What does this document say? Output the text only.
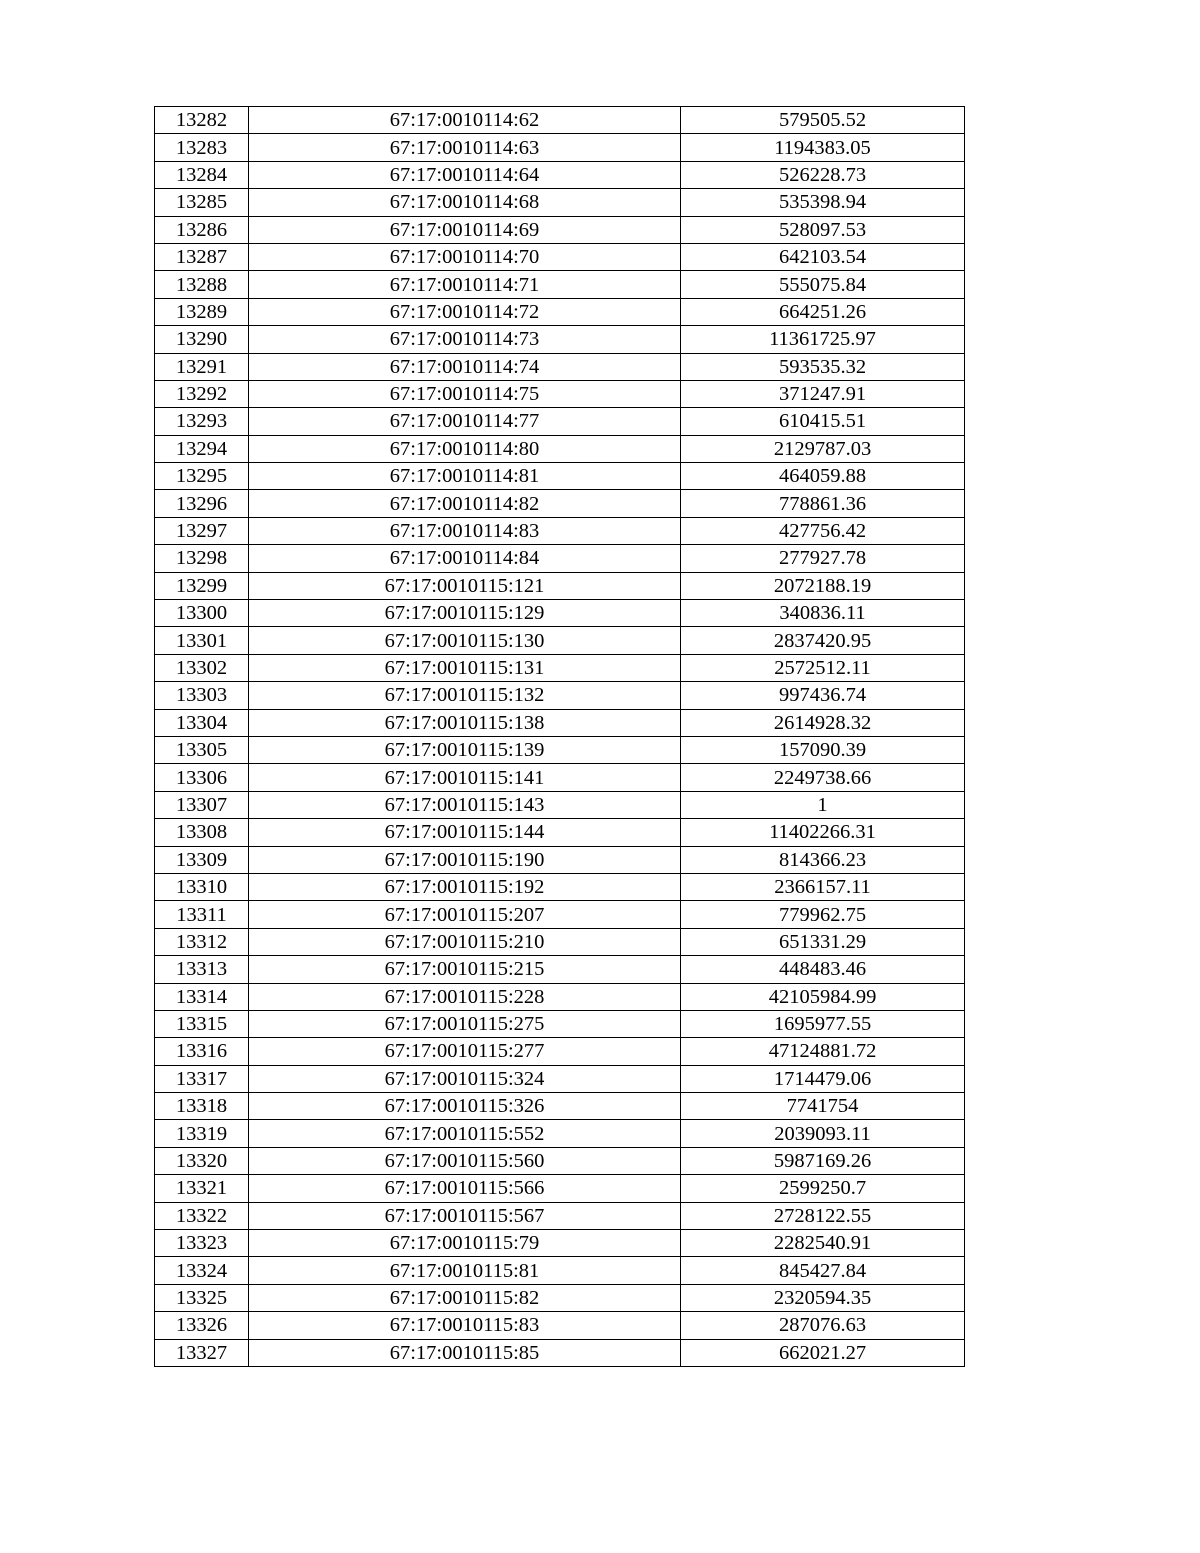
13282	67:17:0010114:62	579505.52
13283	67:17:0010114:63	1194383.05
13284	67:17:0010114:64	526228.73
13285	67:17:0010114:68	535398.94
13286	67:17:0010114:69	528097.53
13287	67:17:0010114:70	642103.54
13288	67:17:0010114:71	555075.84
13289	67:17:0010114:72	664251.26
13290	67:17:0010114:73	11361725.97
13291	67:17:0010114:74	593535.32
13292	67:17:0010114:75	371247.91
13293	67:17:0010114:77	610415.51
13294	67:17:0010114:80	2129787.03
13295	67:17:0010114:81	464059.88
13296	67:17:0010114:82	778861.36
13297	67:17:0010114:83	427756.42
13298	67:17:0010114:84	277927.78
13299	67:17:0010115:121	2072188.19
13300	67:17:0010115:129	340836.11
13301	67:17:0010115:130	2837420.95
13302	67:17:0010115:131	2572512.11
13303	67:17:0010115:132	997436.74
13304	67:17:0010115:138	2614928.32
13305	67:17:0010115:139	157090.39
13306	67:17:0010115:141	2249738.66
13307	67:17:0010115:143	1
13308	67:17:0010115:144	11402266.31
13309	67:17:0010115:190	814366.23
13310	67:17:0010115:192	2366157.11
13311	67:17:0010115:207	779962.75
13312	67:17:0010115:210	651331.29
13313	67:17:0010115:215	448483.46
13314	67:17:0010115:228	42105984.99
13315	67:17:0010115:275	1695977.55
13316	67:17:0010115:277	47124881.72
13317	67:17:0010115:324	1714479.06
13318	67:17:0010115:326	7741754
13319	67:17:0010115:552	2039093.11
13320	67:17:0010115:560	5987169.26
13321	67:17:0010115:566	2599250.7
13322	67:17:0010115:567	2728122.55
13323	67:17:0010115:79	2282540.91
13324	67:17:0010115:81	845427.84
13325	67:17:0010115:82	2320594.35
13326	67:17:0010115:83	287076.63
13327	67:17:0010115:85	662021.27
